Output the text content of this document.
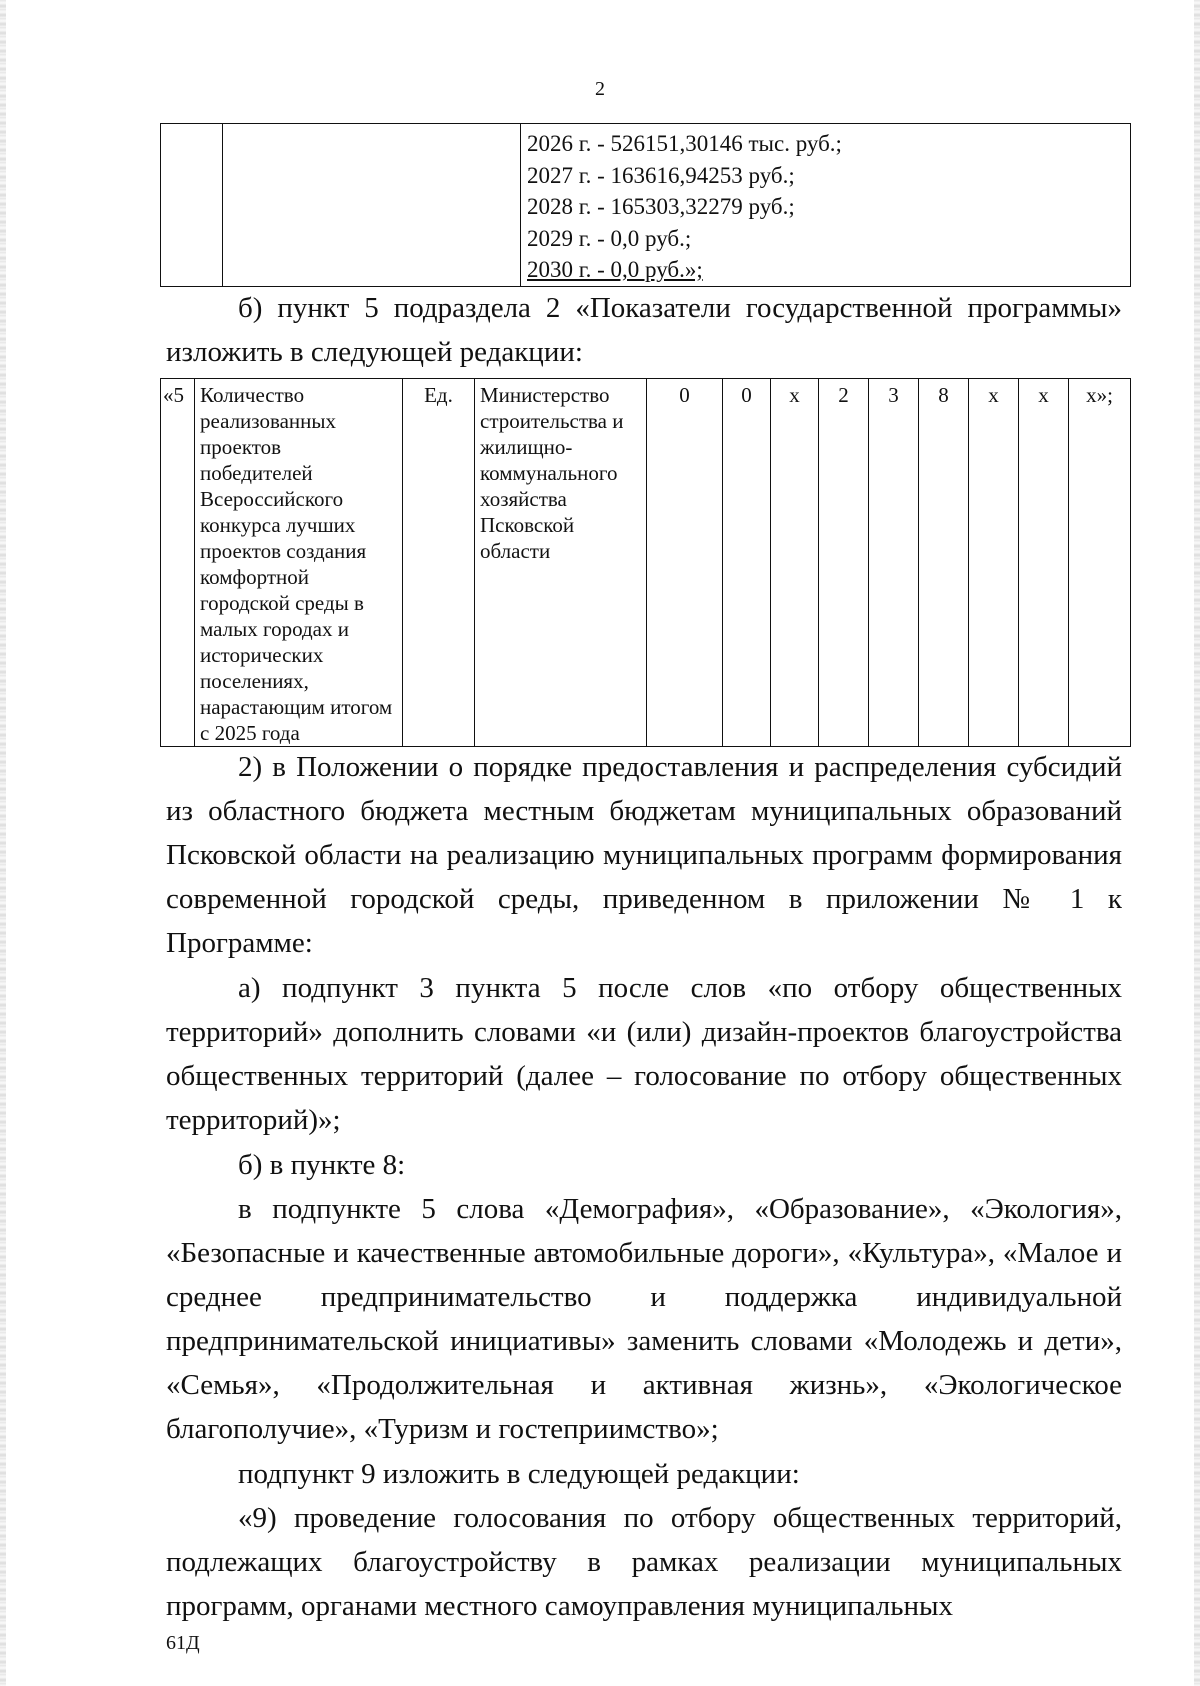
2

2026 г. - 526151,30146 тыс. руб.;
2027 г. - 163616,94253 руб.;
2028 г. - 165303,32279 руб.;
2029 г. - 0,0 руб.;
2030 г. - 0,0 руб.»;

б) пункт 5 подраздела 2 «Показатели государственной программы» изложить в следующей редакции:

«5	Количество реализованных проектов победителей Всероссийского конкурса лучших проектов создания комфортной городской среды в малых городах и исторических поселениях, нарастающим итогом с 2025 года	Ед.	Министерство строительства и жилищно-коммунального хозяйства Псковской области	0	0	х	2	3	8	х	х	х»;

2) в Положении о порядке предоставления и распределения субсидий из областного бюджета местным бюджетам муниципальных образований Псковской области на реализацию муниципальных программ формирования современной городской среды, приведенном в приложении № 1 к Программе:

а) подпункт 3 пункта 5 после слов «по отбору общественных территорий» дополнить словами «и (или) дизайн-проектов благоустройства общественных территорий (далее – голосование по отбору общественных территорий)»;

б) в пункте 8:

в подпункте 5 слова «Демография», «Образование», «Экология», «Безопасные и качественные автомобильные дороги», «Культура», «Малое и среднее предпринимательство и поддержка индивидуальной предпринимательской инициативы» заменить словами «Молодежь и дети», «Семья», «Продолжительная и активная жизнь», «Экологическое благополучие», «Туризм и гостеприимство»;

подпункт 9 изложить в следующей редакции:

«9) проведение голосования по отбору общественных территорий, подлежащих благоустройству в рамках реализации муниципальных программ, органами местного самоуправления муниципальных

61Д
